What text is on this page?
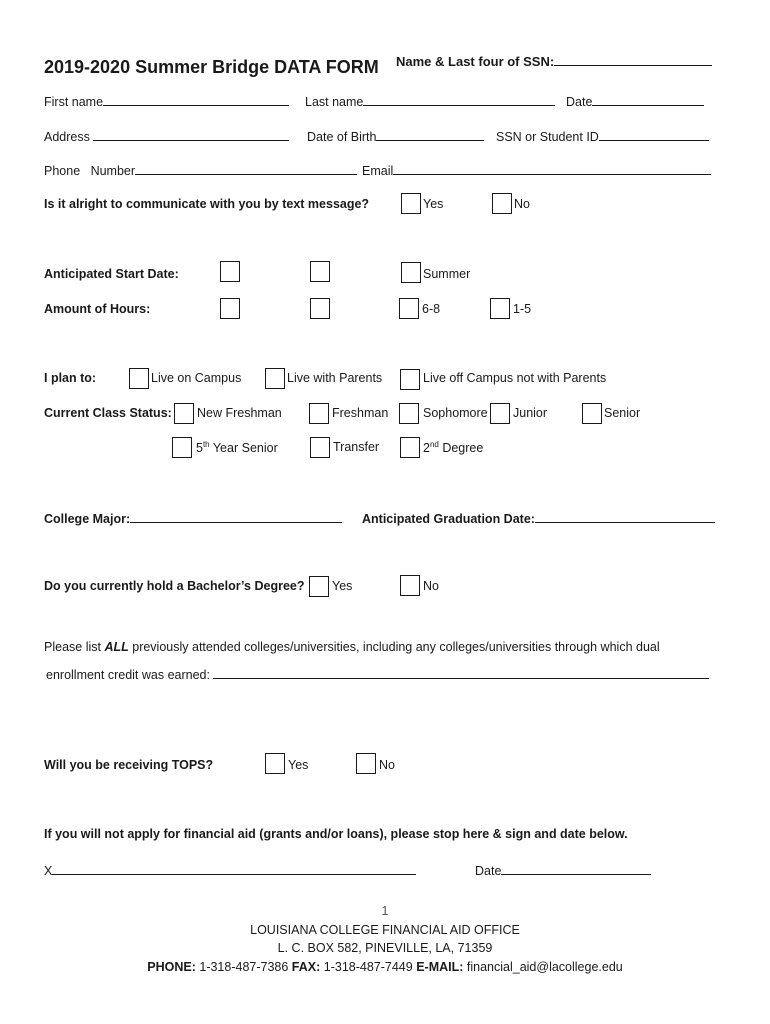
2019-2020 Summer Bridge DATA FORM Name & Last four of SSN:
First name	Last name	Date
Address	Date of Birth	SSN or Student ID
Phone   Number	Email
Is it alright to communicate with you by text message?	Yes	No
Anticipated Start Date:	Summer
Amount of Hours:	6-8	1-5
I plan to:	Live on Campus	Live with Parents	Live off Campus not with Parents
Current Class Status: New Freshman	Freshman	Sophomore Junior	Senior
5th Year Senior	Transfer	2nd Degree
College Major:	Anticipated Graduation Date:
Do you currently hold a Bachelor’s Degree? Yes	No
Please list ALL previously attended colleges/universities, including any colleges/universities through which dual
enrollment credit was earned:
Will you be receiving TOPS?	Yes	No
If you will not apply for financial aid (grants and/or loans), please stop here & sign and date below.
X	Date
1
LOUISIANA COLLEGE FINANCIAL AID OFFICE
L. C. BOX 582, PINEVILLE, LA, 71359
PHONE: 1-318-487-7386 FAX: 1-318-487-7449 E-MAIL: financial_aid@lacollege.edu
